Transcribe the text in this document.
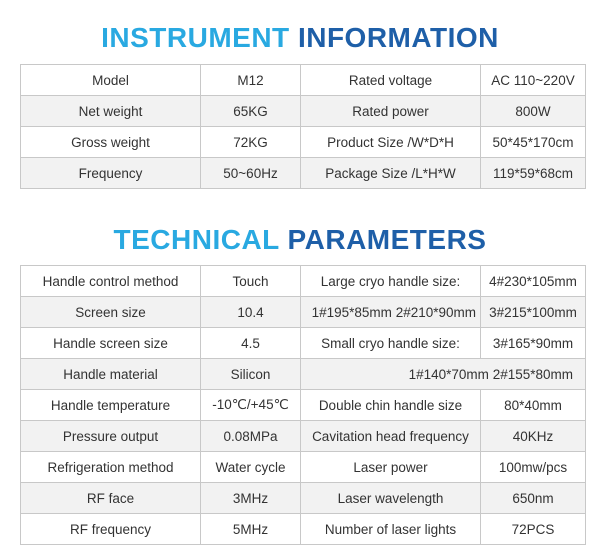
INSTRUMENT INFORMATION
Model	M12	Rated voltage	AC 110~220V
Net weight	65KG	Rated power	800W
Gross weight	72KG	Product Size /W*D*H	50*45*170cm
Frequency	50~60Hz	Package Size /L*H*W	119*59*68cm
TECHNICAL PARAMETERS
Handle control method	Touch	Large cryo handle size:	4#230*105mm
Screen size	10.4	1#195*85mm 2#210*90mm	3#215*100mm
Handle screen size	4.5	Small cryo handle size:	3#165*90mm
Handle material	Silicon	1#140*70mm 2#155*80mm	
Handle temperature	-10℃/+45℃	Double chin handle size	80*40mm
Pressure output	0.08MPa	Cavitation head frequency	40KHz
Refrigeration method	Water cycle	Laser power	100mw/pcs
RF face	3MHz	Laser wavelength	650nm
RF frequency	5MHz	Number of laser lights	72PCS
